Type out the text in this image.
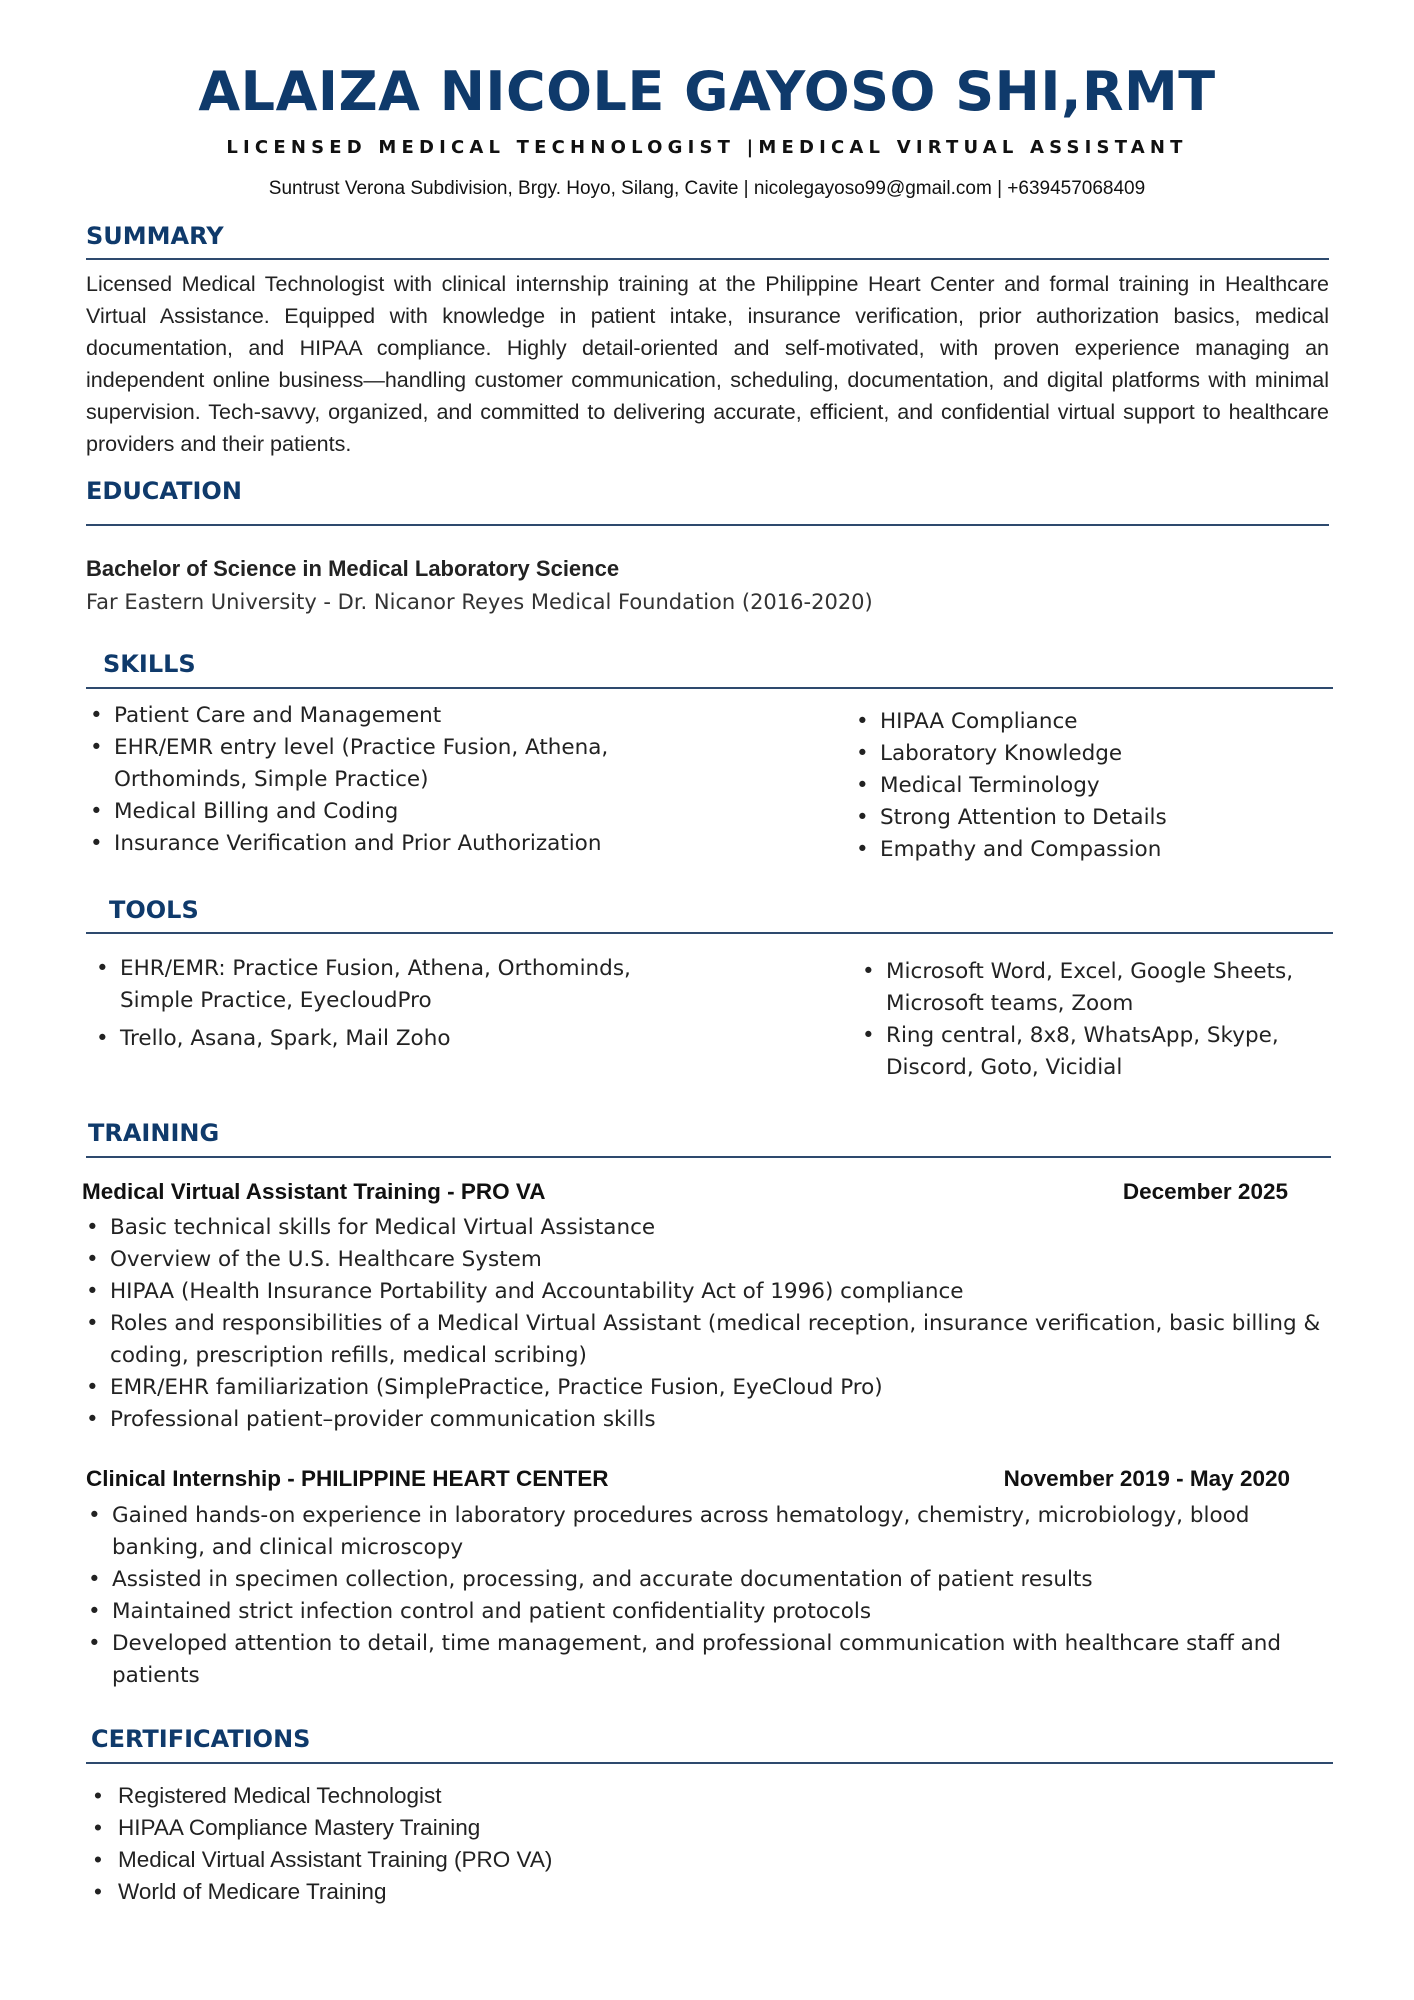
ALAIZA NICOLE GAYOSO SHI,RMT
LICENSED MEDICAL TECHNOLOGIST |MEDICAL VIRTUAL ASSISTANT
Suntrust Verona Subdivision, Brgy. Hoyo, Silang, Cavite | nicolegayoso99@gmail.com | +639457068409
SUMMARY
Licensed Medical Technologist with clinical internship training at the Philippine Heart Center and formal training in Healthcare Virtual Assistance. Equipped with knowledge in patient intake, insurance verification, prior authorization basics, medical documentation, and HIPAA compliance. Highly detail-oriented and self-motivated, with proven experience managing an independent online business—handling customer communication, scheduling, documentation, and digital platforms with minimal supervision. Tech-savvy, organized, and committed to delivering accurate, efficient, and confidential virtual support to healthcare providers and their patients.
EDUCATION
Bachelor of Science in Medical Laboratory Science
Far Eastern University - Dr. Nicanor Reyes Medical Foundation (2016-2020)
SKILLS
• Patient Care and Management
• EHR/EMR entry level (Practice Fusion, Athena, Orthominds, Simple Practice)
• Medical Billing and Coding
• Insurance Verification and Prior Authorization
• HIPAA Compliance
• Laboratory Knowledge
• Medical Terminology
• Strong Attention to Details
• Empathy and Compassion
TOOLS
• EHR/EMR: Practice Fusion, Athena, Orthominds, Simple Practice, EyecloudPro
• Trello, Asana, Spark, Mail Zoho
• Microsoft Word, Excel, Google Sheets, Microsoft teams, Zoom
• Ring central, 8x8, WhatsApp, Skype, Discord, Goto, Vicidial
TRAINING
Medical Virtual Assistant Training - PRO VA	December 2025
• Basic technical skills for Medical Virtual Assistance
• Overview of the U.S. Healthcare System
• HIPAA (Health Insurance Portability and Accountability Act of 1996) compliance
• Roles and responsibilities of a Medical Virtual Assistant (medical reception, insurance verification, basic billing & coding, prescription refills, medical scribing)
• EMR/EHR familiarization (SimplePractice, Practice Fusion, EyeCloud Pro)
• Professional patient–provider communication skills
Clinical Internship - PHILIPPINE HEART CENTER	November 2019 - May 2020
• Gained hands-on experience in laboratory procedures across hematology, chemistry, microbiology, blood banking, and clinical microscopy
• Assisted in specimen collection, processing, and accurate documentation of patient results
• Maintained strict infection control and patient confidentiality protocols
• Developed attention to detail, time management, and professional communication with healthcare staff and patients
CERTIFICATIONS
• Registered Medical Technologist
• HIPAA Compliance Mastery Training
• Medical Virtual Assistant Training (PRO VA)
• World of Medicare Training
